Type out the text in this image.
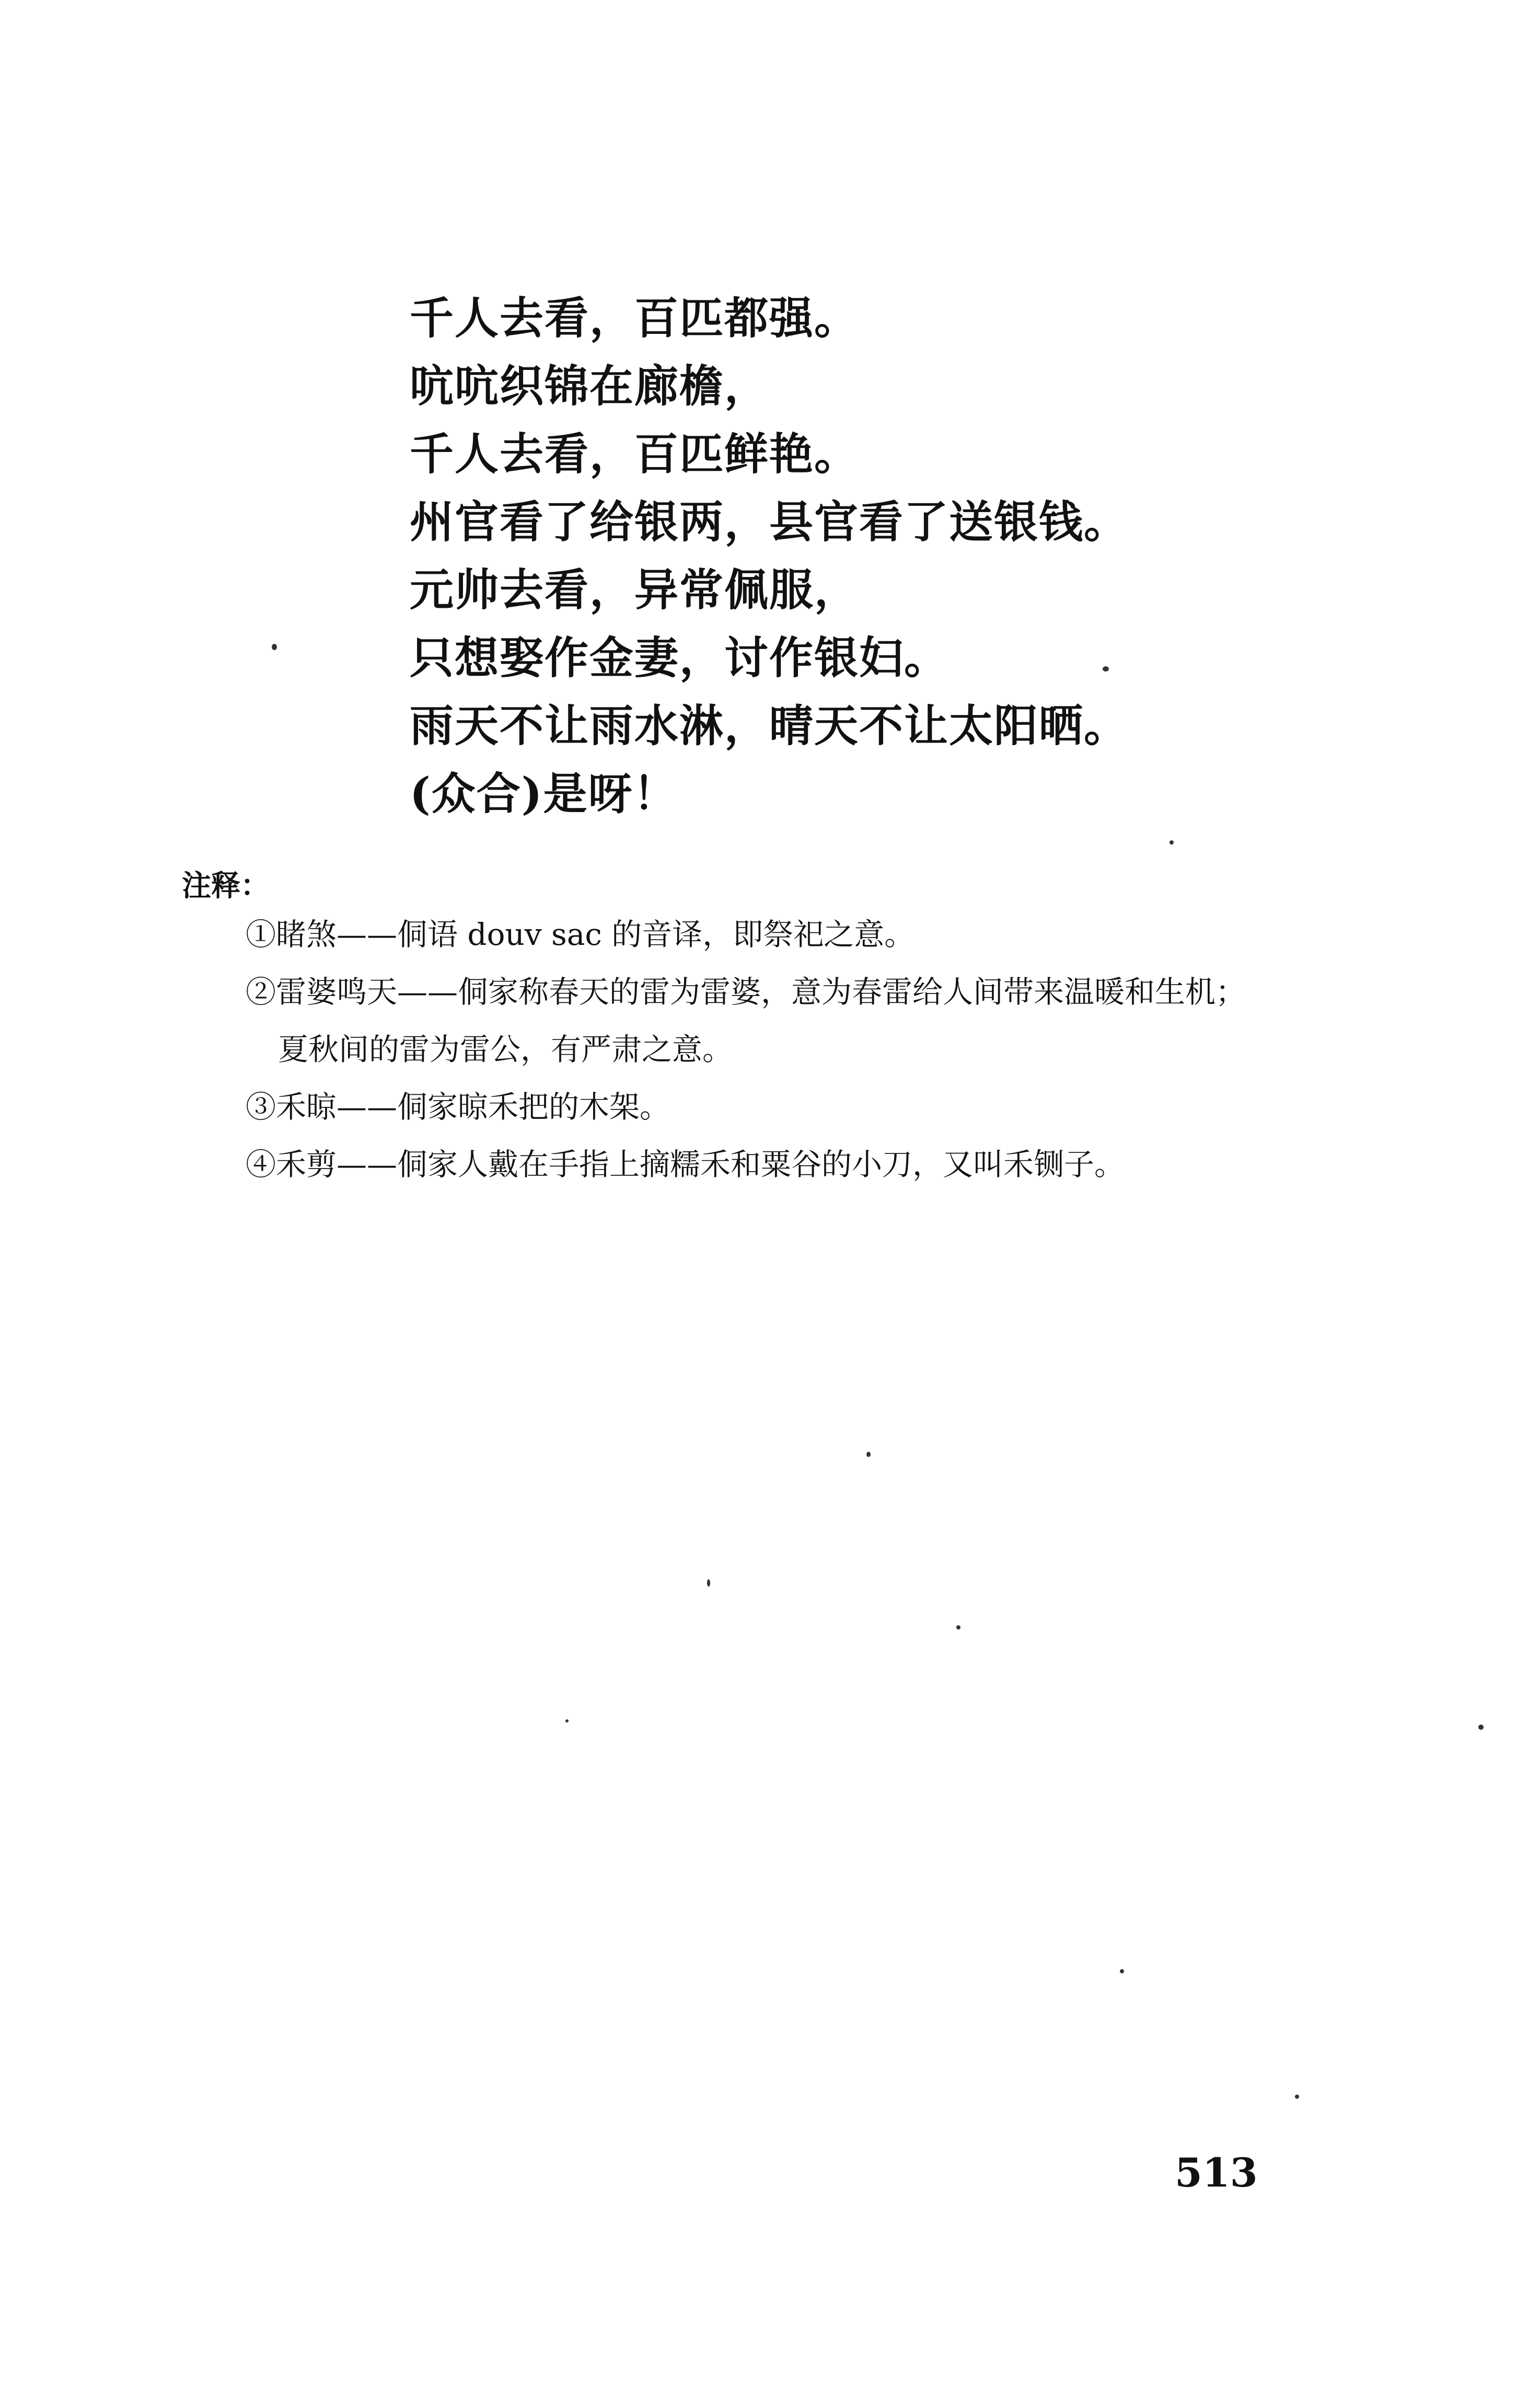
千人去看，百匹都强。
吭吭织锦在廊檐，
千人去看，百匹鲜艳。
州官看了给银两，县官看了送银钱。
元帅去看，异常佩服，
只想娶作金妻，讨作银妇。
雨天不让雨水淋，晴天不让太阳晒。
(众合)是呀！
注释：
①睹煞——侗语 douv sac 的音译，即祭祀之意。
②雷婆鸣天——侗家称春天的雷为雷婆，意为春雷给人间带来温暖和生机；
夏秋间的雷为雷公，有严肃之意。
③禾晾——侗家晾禾把的木架。
④禾剪——侗家人戴在手指上摘糯禾和粟谷的小刀，又叫禾铡子。
513
